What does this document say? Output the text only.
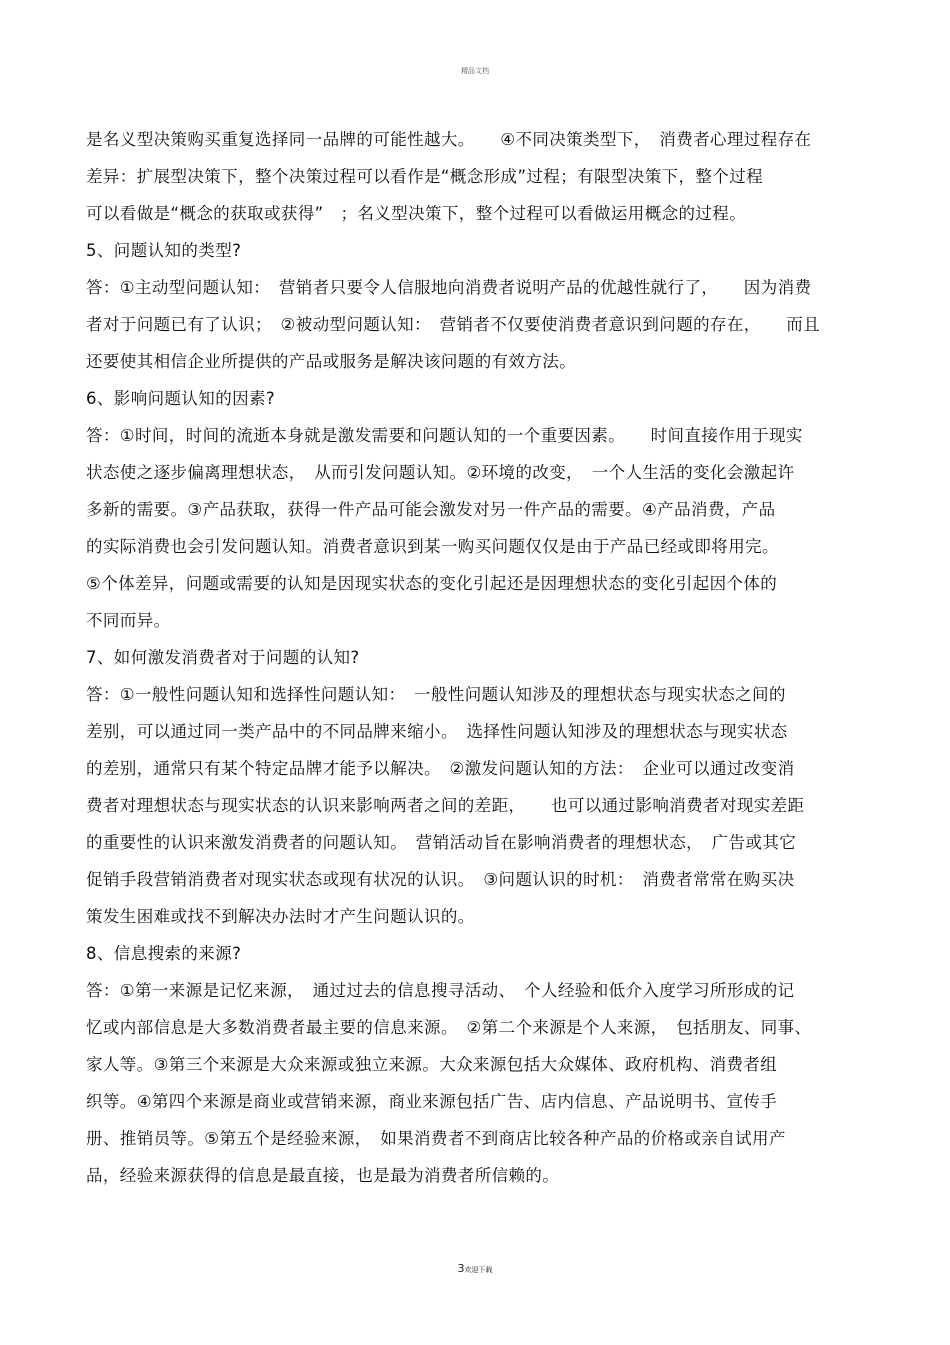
精品文档
是名义型决策购买重复选择同一品牌的可能性越大。　　④不同决策类型下，　消费者心理过程存在
差异：扩展型决策下，整个决策过程可以看作是“概念形成”过程；有限型决策下，整个过程
可以看做是“概念的获取或获得”　；名义型决策下，整个过程可以看做运用概念的过程。
5、问题认知的类型?
答：①主动型问题认知：　营销者只要令人信服地向消费者说明产品的优越性就行了，　　因为消费
者对于问题已有了认识；　②被动型问题认知：　营销者不仅要使消费者意识到问题的存在，　　而且
还要使其相信企业所提供的产品或服务是解决该问题的有效方法。
6、影响问题认知的因素?
答：①时间，时间的流逝本身就是激发需要和问题认知的一个重要因素。　　时间直接作用于现实
状态使之逐步偏离理想状态，　从而引发问题认知。②环境的改变，　一个人生活的变化会激起许
多新的需要。③产品获取，获得一件产品可能会激发对另一件产品的需要。④产品消费，产品
的实际消费也会引发问题认知。消费者意识到某一购买问题仅仅是由于产品已经或即将用完。
⑤个体差异，问题或需要的认知是因现实状态的变化引起还是因理想状态的变化引起因个体的
不同而异。
7、如何激发消费者对于问题的认知?
答：①一般性问题认知和选择性问题认知：　一般性问题认知涉及的理想状态与现实状态之间的
差别，可以通过同一类产品中的不同品牌来缩小。　选择性问题认知涉及的理想状态与现实状态
的差别，通常只有某个特定品牌才能予以解决。　②激发问题认知的方法：　企业可以通过改变消
费者对理想状态与现实状态的认识来影响两者之间的差距，　　也可以通过影响消费者对现实差距
的重要性的认识来激发消费者的问题认知。　营销活动旨在影响消费者的理想状态，　广告或其它
促销手段营销消费者对现实状态或现有状况的认识。　③问题认识的时机：　消费者常常在购买决
策发生困难或找不到解决办法时才产生问题认识的。
8、信息搜索的来源?
答：①第一来源是记忆来源，　通过过去的信息搜寻活动、　个人经验和低介入度学习所形成的记
忆或内部信息是大多数消费者最主要的信息来源。　②第二个来源是个人来源，　包括朋友、同事、
家人等。③第三个来源是大众来源或独立来源。大众来源包括大众媒体、政府机构、消费者组
织等。④第四个来源是商业或营销来源，商业来源包括广告、店内信息、产品说明书、宣传手
册、推销员等。⑤第五个是经验来源，　如果消费者不到商店比较各种产品的价格或亲自试用产
品，经验来源获得的信息是最直接，也是最为消费者所信赖的。
3欢迎下载
